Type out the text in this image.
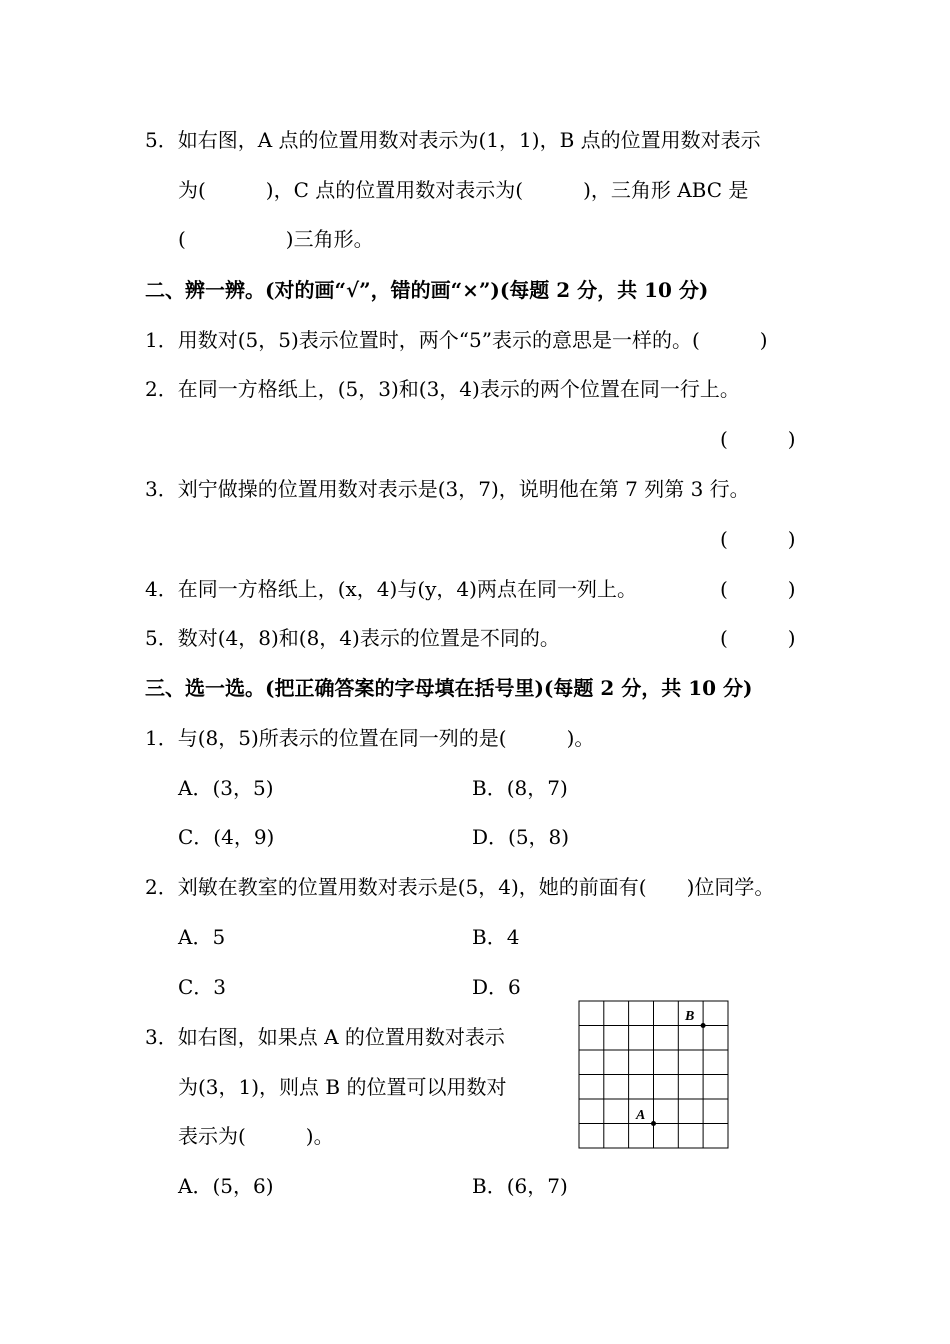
5．如右图，A 点的位置用数对表示为(1，1)，B 点的位置用数对表示
为(　　　)，C 点的位置用数对表示为(　　　)，三角形 ABC 是
(　　　　　)三角形。
二、辨一辨。(对的画“√”，错的画“×”)(每题 2 分，共 10 分)
1．用数对(5，5)表示位置时，两个“5”表示的意思是一样的。(　　　)
2．在同一方格纸上，(5，3)和(3，4)表示的两个位置在同一行上。
(　　　)
3．刘宁做操的位置用数对表示是(3，7)，说明他在第 7 列第 3 行。
(　　　)
4．在同一方格纸上，(x，4)与(y，4)两点在同一列上。	(　　　)
5．数对(4，8)和(8，4)表示的位置是不同的。	(　　　)
三、选一选。(把正确答案的字母填在括号里)(每题 2 分，共 10 分)
1．与(8，5)所表示的位置在同一列的是(　　　)。
A．(3，5)	B．(8，7)
C．(4，9)	D．(5，8)
2．刘敏在教室的位置用数对表示是(5，4)，她的前面有(　　)位同学。
A．5	B．4
C．3	D．6
3．如右图，如果点 A 的位置用数对表示
为(3，1)，则点 B 的位置可以用数对
表示为(　　　)。
A．(5，6)	B．(6，7)
A
B
